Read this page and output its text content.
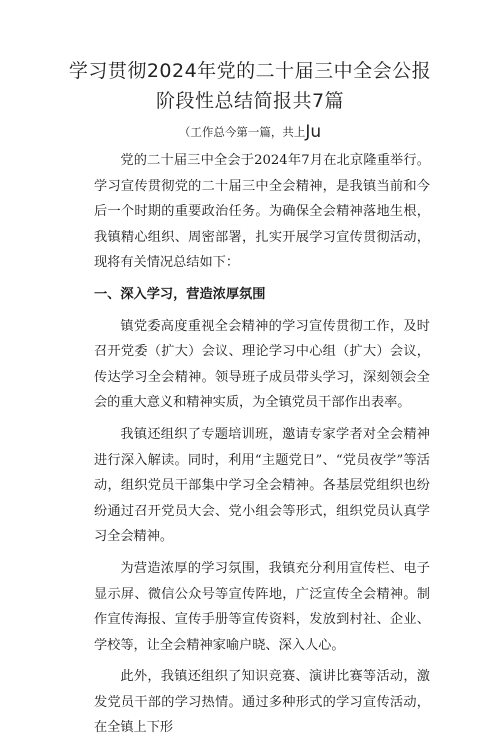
学习贯彻2024年党的二十届三中全会公报
阶段性总结简报共7篇
（工作总今第一篇，共上Ju

党的二十届三中全会于2024年7月在北京隆重举行。学习宣传贯彻党的二十届三中全会精神，是我镇当前和今后一个时期的重要政治任务。为确保全会精神落地生根，我镇精心组织、周密部署，扎实开展学习宣传贯彻活动，现将有关情况总结如下：

一、深入学习，营造浓厚氛围

镇党委高度重视全会精神的学习宣传贯彻工作，及时召开党委（扩大）会议、理论学习中心组（扩大）会议，传达学习全会精神。领导班子成员带头学习，深刻领会全会的重大意义和精神实质，为全镇党员干部作出表率。

我镇还组织了专题培训班，邀请专家学者对全会精神进行深入解读。同时，利用“主题党日”、“党员夜学”等活动，组织党员干部集中学习全会精神。各基层党组织也纷纷通过召开党员大会、党小组会等形式，组织党员认真学习全会精神。

为营造浓厚的学习氛围，我镇充分利用宣传栏、电子显示屏、微信公众号等宣传阵地，广泛宣传全会精神。制作宣传海报、宣传手册等宣传资料，发放到村社、企业、学校等，让全会精神家喻户晓、深入人心。

此外，我镇还组织了知识竞赛、演讲比赛等活动，激发党员干部的学习热情。通过多种形式的学习宣传活动，在全镇上下形
